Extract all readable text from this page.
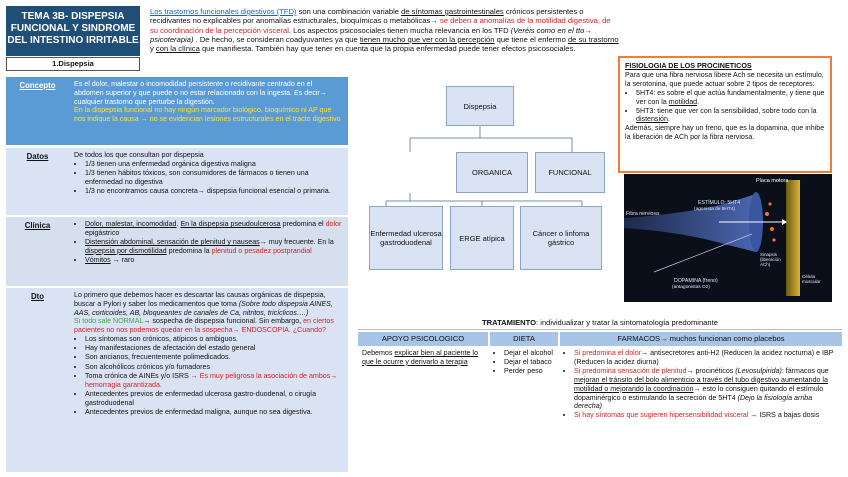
TEMA 3B- DISPEPSIA FUNCIONAL Y SINDROME DEL INTESTINO IRRITABLE
1.Dispepsia
Los trastornos funcionales digestivos (TFD) son una combinación variable de síntomas gastrointestinales crónicos persistentes o recidivantes no explicables por anomalías estructurales, bioquímicas o metabólicas→ se deben a anomalías de la motilidad digestiva, de su coordinación de la percepción visceral. Los aspectos psicosociales tienen mucha relevancia en los TFD (Veréis como en el tto→ psicoterapia) . De hecho, se consideran coadyuvantes ya que tienen mucho que ver con la percepción que tiene el enfermo de su trastorno y con la clínica que manifiesta. También hay que tener en cuenta que la propia enfermedad puede tener efectos psicosociales.
Concepto	Es el dolor, malestar o incomodidad persistente o recidivante centrado en el abdomen superior y que puede o no estar relacionado con la ingesta. Es decir→ cualquier trastorno que perturbe la digestión.
En la dispepsia funcional no hay ningún marcador biológico, bioquímico ni AP que nos indique la causa → no se evidencian lesiones estructurales en el tracto digestivo
Datos	De todos los que consultan por dispepsia
• 1/3 tienen una enfermedad orgánica digestiva maligna
• 1/3 tienen hábitos tóxicos, son consumidores de fármacos o tienen una enfermedad no digestiva
• 1/3 no encontramos causa concreta→ dispepsia funcional esencial o primaria.
Clínica
•	Dolor, malestar, incomodidad. En la dispepsia pseudoulcerosa predomina el dolor epigástrico
• Distensión abdominal, sensación de plenitud y nauseas→ muy frecuente. En la dispepsia por dismotilidad predomina la plenitud o pesadez postprandial
• Vómitos → raro
Dto	Lo primero que debemos hacer es descartar las causas orgánicas de dispepsia, buscar a Pylori y saber los medicamentos que toma (Sobre todo dispepsia AINES, AAS, corticoides, AB, bloqueantes de canales de Ca, nitritos, tricíclicos….)
Si todo sale NORMAL→ sospecha de dispepsia funcional. Sin embargo, en ciertos pacientes no nos podemos quedar en la sospecha→ ENDOSCOPIA. ¿Cuando?
• Los síntomas son crónicos, atípicos o ambiguos.
• Hay manifestaciones de afectación del estado general
• Son ancianos, frecuentemente polimedicados.
• Son alcohólicos crónicos y/o fumadores
• Toma crónica de AINEs y/o ISRS → Es muy peligrosa la asociación de ambos→ hemorragia garantizada.
• Antecedentes previos de enfermedad ulcerosa gastro-duodenal, o cirugía gastroduodenal
• Antecedentes previos de enfermedad maligna, aunque no sea digestiva.
Dispepsia
ORGANICA	FUNCIONAL
Enfermedad ulcerosa gastroduodenal	ERGE atípica	Cáncer o linfoma gástrico
FISIOLOGIA DE LOS PROCINETICOS
Para que una fibra nerviosa libere Ach se necesita un estímulo, la serotonina, que puede actuar sobre 2 tipos de receptores:
• 5HT4: es sobre el que actúa fundamentalmente, y tiene que ver con la motilidad.
• 5HT3: tiene que ver con la sensibilidad, sobre todo con la distensión.
Además, siempre hay un freno, que es la dopamina, que inhibe la liberación de ACh por la fibra nerviosa.
Placa motora
ESTÍMULO: 5HT4
(agonista de 5HT4)
Fibra nerviosa
Sinapsis (liberación ACh)
DOPAMINA (freno)
(antagonistas D2)
Célula muscular
TRATAMIENTO: individualizar y tratar la sintomatología predominante
APOYO PSICOLOGICO	DIETA	FARMACOS→ muchos funcionan como placebos
Debemos explicar bien al paciente lo que le ocurre y derivarlo a terapia
• Dejar el alcohol
• Dejar el tabaco
• Perder peso
• Si predomina el dolor→ antisecretores anti-H2 (Reducen la acidez nocturna) e IBP (Reducen la acidez diurna)
• Si predomina sensación de plenitud→ procinéticos (Levosulpirida): fármacos que mejoran el tránsito del bolo alimenticio a través del tubo digestivo aumentando la motilidad o mejorando la coordinación→ esto lo consiguen quitando el estímulo dopaminérgico o estimulando la secreción de 5HT4 (Dejo la fisiología arriba derecha)
• Si hay síntomas que sugieren hipersensibilidad visceral → ISRS a bajas dosis
